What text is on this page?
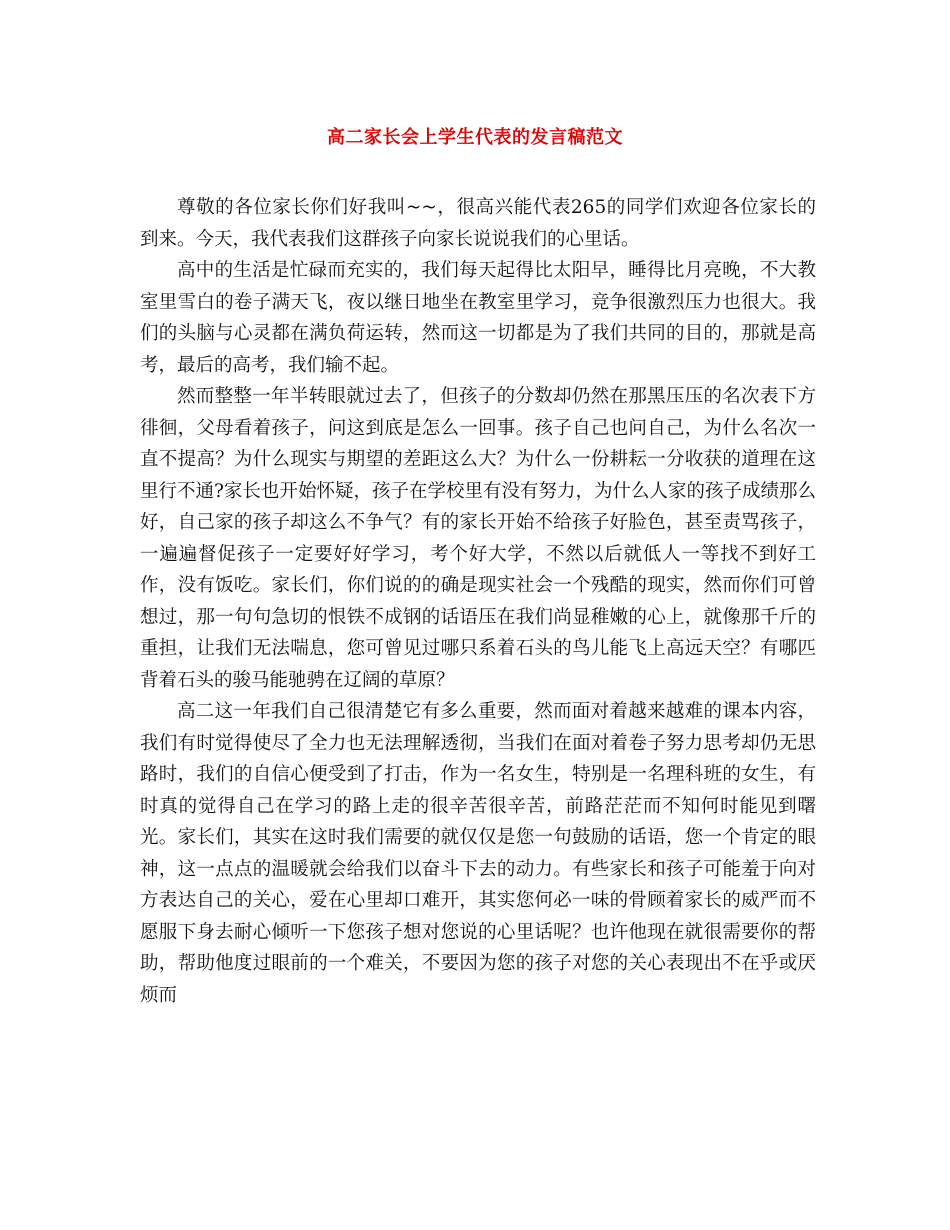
高二家长会上学生代表的发言稿范文

尊敬的各位家长你们好我叫~~，很高兴能代表265的同学们欢迎各位家长的到来。今天，我代表我们这群孩子向家长说说我们的心里话。

高中的生活是忙碌而充实的，我们每天起得比太阳早，睡得比月亮晚，不大教室里雪白的卷子满天飞，夜以继日地坐在教室里学习，竞争很激烈压力也很大。我们的头脑与心灵都在满负荷运转，然而这一切都是为了我们共同的目的，那就是高考，最后的高考，我们输不起。

然而整整一年半转眼就过去了，但孩子的分数却仍然在那黑压压的名次表下方徘徊，父母看着孩子，问这到底是怎么一回事。孩子自己也问自己，为什么名次一直不提高？为什么现实与期望的差距这么大？为什么一份耕耘一分收获的道理在这里行不通?家长也开始怀疑，孩子在学校里有没有努力，为什么人家的孩子成绩那么好，自己家的孩子却这么不争气？有的家长开始不给孩子好脸色，甚至责骂孩子，一遍遍督促孩子一定要好好学习，考个好大学，不然以后就低人一等找不到好工作，没有饭吃。家长们，你们说的的确是现实社会一个残酷的现实，然而你们可曾想过，那一句句急切的恨铁不成钢的话语压在我们尚显稚嫩的心上，就像那千斤的重担，让我们无法喘息，您可曾见过哪只系着石头的鸟儿能飞上高远天空？有哪匹背着石头的骏马能驰骋在辽阔的草原？

高二这一年我们自己很清楚它有多么重要，然而面对着越来越难的课本内容，我们有时觉得使尽了全力也无法理解透彻，当我们在面对着卷子努力思考却仍无思路时，我们的自信心便受到了打击，作为一名女生，特别是一名理科班的女生，有时真的觉得自己在学习的路上走的很辛苦很辛苦，前路茫茫而不知何时能见到曙光。家长们，其实在这时我们需要的就仅仅是您一句鼓励的话语，您一个肯定的眼神，这一点点的温暖就会给我们以奋斗下去的动力。有些家长和孩子可能羞于向对方表达自己的关心，爱在心里却口难开，其实您何必一味的骨顾着家长的威严而不愿服下身去耐心倾听一下您孩子想对您说的心里话呢？也许他现在就很需要你的帮助，帮助他度过眼前的一个难关，不要因为您的孩子对您的关心表现出不在乎或厌烦而
